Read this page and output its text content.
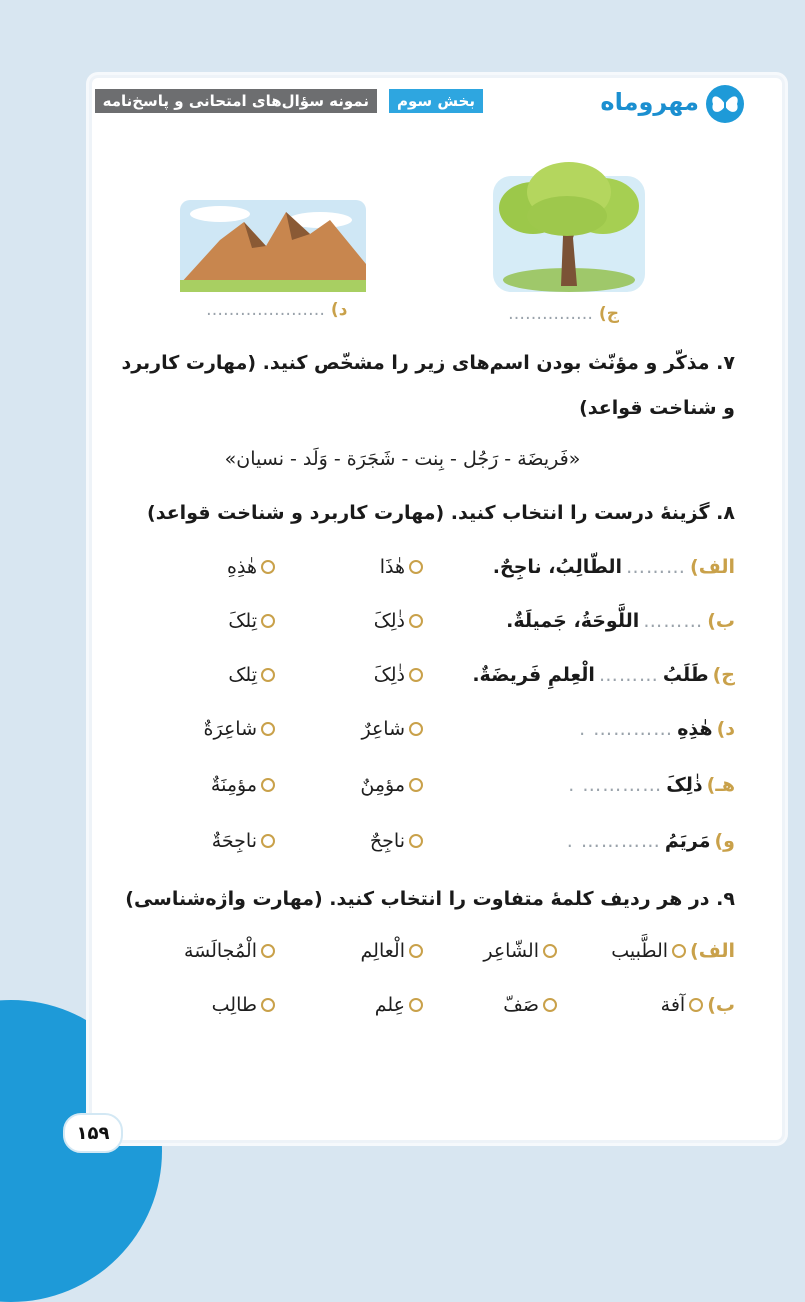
۱۵۹
نمونه سؤال‌های امتحانی و پاسخ‌نامه	بخش سوم	مهروماه
ج) ……………
د) …………………
۷. مذکّر و مؤنّث بودن اسم‌های زیر را مشخّص کنید. (مهارت کاربرد
و شناخت قواعد)
«فَریضَة - رَجُل - بِنت - شَجَرَة - وَلَد - نسیان»
۸. گزینهٔ درست را انتخاب کنید. (مهارت کاربرد و شناخت قواعد)
الف)
………
الطّالِبُ، ناجِحٌ.
هٰذَا
هٰذِهِ
ب)
………
اللَّوحَةُ، جَمیلَةٌ.
ذٰلِکَ
تِلکَ
ج)
طَلَبُ
………
الْعِلمِ فَریضَةٌ.
ذٰلِکَ
تِلک
د)
هٰذِهِ
………… .
شاعِرٌ
شاعِرَةٌ
هـ)
ذٰلِکَ
………… .
مؤمِنٌ
مؤمِنَةٌ
و)
مَریَمُ
………… .
ناجِحٌ
ناجِحَةٌ
۹. در هر ردیف کلمهٔ متفاوت را انتخاب کنید. (مهارت واژه‌شناسی)
الف)
الطَّبیب
الشّاعِر
الْعالِم
الْمُجالَسَة
ب)
آفة
صَفّ
عِلم
طالِب
